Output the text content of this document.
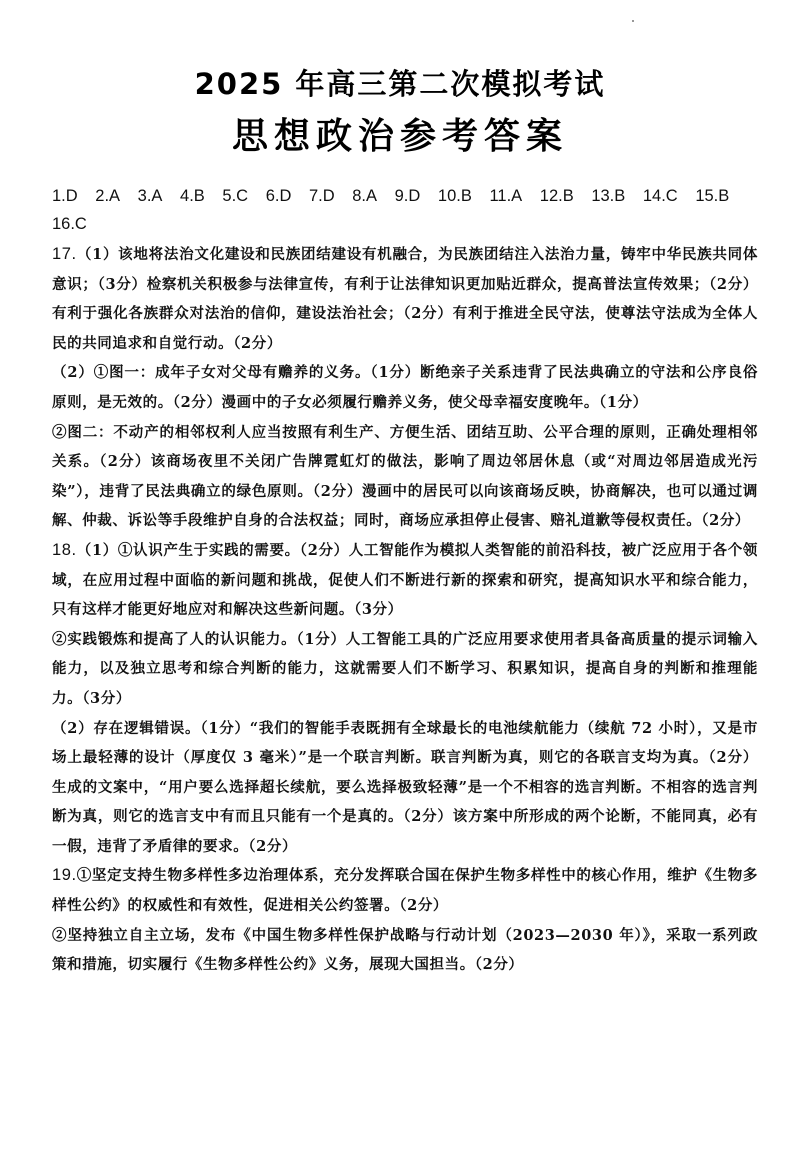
2025 年高三第二次模拟考试
思想政治参考答案
1.D 2.A 3.A 4.B 5.C 6.D 7.D 8.A 9.D 10.B 11.A 12.B 13.B 14.C 15.B
16.C

17.（1）该地将法治文化建设和民族团结建设有机融合，为民族团结注入法治力量，铸牢中华民族共同体意识；（3分）检察机关积极参与法律宣传，有利于让法律知识更加贴近群众，提高普法宣传效果；（2分）有利于强化各族群众对法治的信仰，建设法治社会；（2分）有利于推进全民守法，使尊法守法成为全体人民的共同追求和自觉行动。（2分）

（2）①图一：成年子女对父母有赡养的义务。（1分）断绝亲子关系违背了民法典确立的守法和公序良俗原则，是无效的。（2分）漫画中的子女必须履行赡养义务，使父母幸福安度晚年。（1分）

②图二：不动产的相邻权利人应当按照有利生产、方便生活、团结互助、公平合理的原则，正确处理相邻关系。（2分）该商场夜里不关闭广告牌霓虹灯的做法，影响了周边邻居休息（或“对周边邻居造成光污染”），违背了民法典确立的绿色原则。（2分）漫画中的居民可以向该商场反映，协商解决，也可以通过调解、仲裁、诉讼等手段维护自身的合法权益；同时，商场应承担停止侵害、赔礼道歉等侵权责任。（2分）

18.（1）①认识产生于实践的需要。（2分）人工智能作为模拟人类智能的前沿科技，被广泛应用于各个领域，在应用过程中面临的新问题和挑战，促使人们不断进行新的探索和研究，提高知识水平和综合能力，只有这样才能更好地应对和解决这些新问题。（3分）

②实践锻炼和提高了人的认识能力。（1分）人工智能工具的广泛应用要求使用者具备高质量的提示词输入能力，以及独立思考和综合判断的能力，这就需要人们不断学习、积累知识，提高自身的判断和推理能力。（3分）

（2）存在逻辑错误。（1分）“我们的智能手表既拥有全球最长的电池续航能力（续航 72 小时），又是市场上最轻薄的设计（厚度仅 3 毫米）”是一个联言判断。联言判断为真，则它的各联言支均为真。（2分）生成的文案中，“用户要么选择超长续航，要么选择极致轻薄”是一个不相容的选言判断。不相容的选言判断为真，则它的选言支中有而且只能有一个是真的。（2分）该方案中所形成的两个论断，不能同真，必有一假，违背了矛盾律的要求。（2分）

19.①坚定支持生物多样性多边治理体系，充分发挥联合国在保护生物多样性中的核心作用，维护《生物多样性公约》的权威性和有效性，促进相关公约签署。（2分）

②坚持独立自主立场，发布《中国生物多样性保护战略与行动计划（2023—2030 年）》，采取一系列政策和措施，切实履行《生物多样性公约》义务，展现大国担当。（2分）
